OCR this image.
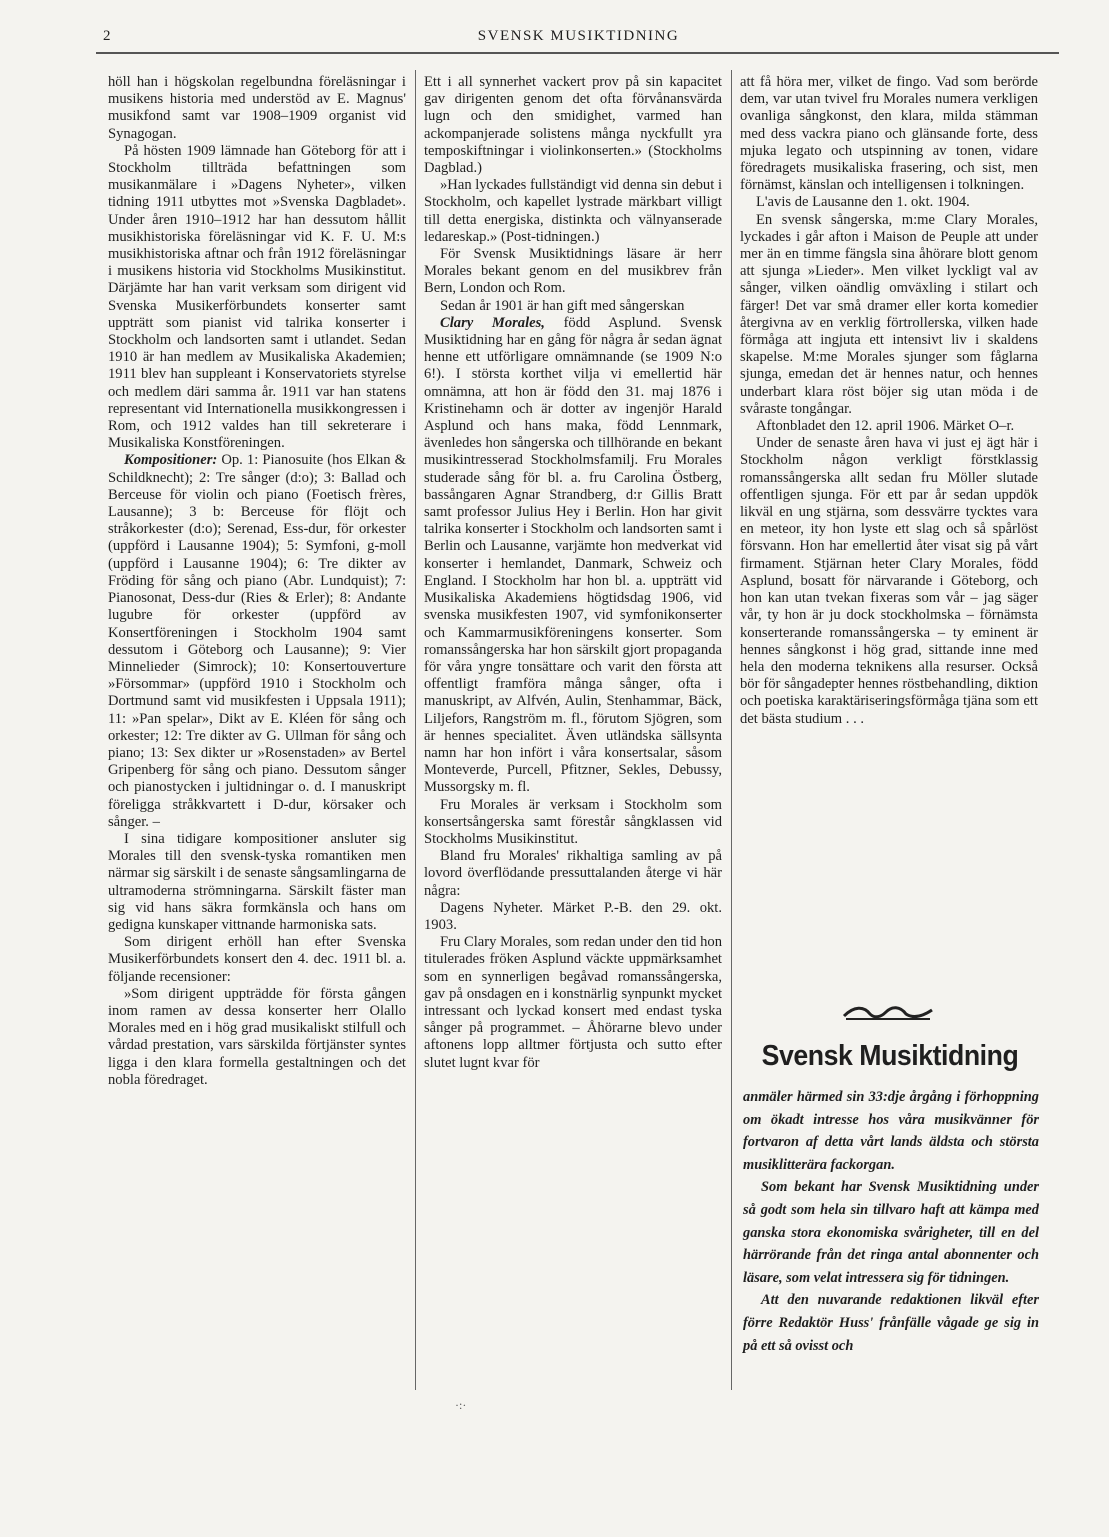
2	SVENSK MUSIKTIDNING

höll han i högskolan regelbundna föreläsningar i musikens historia med understöd av E. Magnus' musikfond samt var 1908–1909 organist vid Synagogan.

På hösten 1909 lämnade han Göteborg för att i Stockholm tillträda befattningen som musikanmälare i »Dagens Nyheter», vilken tidning 1911 utbyttes mot »Svenska Dagbladet». Under åren 1910–1912 har han dessutom hållit musikhistoriska föreläsningar vid K. F. U. M:s musikhistoriska aftnar och från 1912 föreläsningar i musikens historia vid Stockholms Musikinstitut. Därjämte har han varit verksam som dirigent vid Svenska Musikerförbundets konserter samt uppträtt som pianist vid talrika konserter i Stockholm och landsorten samt i utlandet. Sedan 1910 är han medlem av Musikaliska Akademien; 1911 blev han suppleant i Konservatoriets styrelse och medlem däri samma år. 1911 var han statens representant vid Internationella musikkongressen i Rom, och 1912 valdes han till sekreterare i Musikaliska Konstföreningen.

Kompositioner: Op. 1: Pianosuite (hos Elkan & Schildknecht); 2: Tre sånger (d:o); 3: Ballad och Berceuse för violin och piano (Foetisch frères, Lausanne); 3 b: Berceuse för flöjt och stråkorkester (d:o); Serenad, Ess-dur, för orkester (uppförd i Lausanne 1904); 5: Symfoni, g-moll (uppförd i Lausanne 1904); 6: Tre dikter av Fröding för sång och piano (Abr. Lundquist); 7: Pianosonat, Dess-dur (Ries & Erler); 8: Andante lugubre för orkester (uppförd av Konsertföreningen i Stockholm 1904 samt dessutom i Göteborg och Lausanne); 9: Vier Minnelieder (Simrock); 10: Konsertouverture »Försommar» (uppförd 1910 i Stockholm och Dortmund samt vid musikfesten i Uppsala 1911); 11: »Pan spelar», Dikt av E. Kléen för sång och orkester; 12: Tre dikter av G. Ullman för sång och piano; 13: Sex dikter ur »Rosenstaden» av Bertel Gripenberg för sång och piano. Dessutom sånger och pianostycken i jultidningar o. d. I manuskript föreligga stråkkvartett i D-dur, körsaker och sånger. –

I sina tidigare kompositioner ansluter sig Morales till den svensk-tyska romantiken men närmar sig särskilt i de senaste sångsamlingarna de ultramoderna strömningarna. Särskilt fäster man sig vid hans säkra formkänsla och hans om gedigna kunskaper vittnande harmoniska sats.

Som dirigent erhöll han efter Svenska Musikerförbundets konsert den 4. dec. 1911 bl. a. följande recensioner:

»Som dirigent uppträdde för första gången inom ramen av dessa konserter herr Olallo Morales med en i hög grad musikaliskt stilfull och vårdad prestation, vars särskilda förtjänster syntes ligga i den klara formella gestaltningen och det nobla föredraget.

Ett i all synnerhet vackert prov på sin kapacitet gav dirigenten genom det ofta förvånansvärda lugn och den smidighet, varmed han ackompanjerade solistens många nyckfullt yra temposkiftningar i violinkonserten.» (Stockholms Dagblad.)

»Han lyckades fullständigt vid denna sin debut i Stockholm, och kapellet lystrade märkbart villigt till detta energiska, distinkta och välnyanserade ledareskap.» (Post-tidningen.)

För Svensk Musiktidnings läsare är herr Morales bekant genom en del musikbrev från Bern, London och Rom.

Sedan år 1901 är han gift med sångerskan

Clary Morales, född Asplund. Svensk Musiktidning har en gång för några år sedan ägnat henne ett utförligare omnämnande (se 1909 N:o 6!). I största korthet vilja vi emellertid här omnämna, att hon är född den 31. maj 1876 i Kristinehamn och är dotter av ingenjör Harald Asplund och hans maka, född Lennmark, ävenledes hon sångerska och tillhörande en bekant musikintresserad Stockholmsfamilj. Fru Morales studerade sång för bl. a. fru Carolina Östberg, bassångaren Agnar Strandberg, d:r Gillis Bratt samt professor Julius Hey i Berlin. Hon har givit talrika konserter i Stockholm och landsorten samt i Berlin och Lausanne, varjämte hon medverkat vid konserter i hemlandet, Danmark, Schweiz och England. I Stockholm har hon bl. a. uppträtt vid Musikaliska Akademiens högtidsdag 1906, vid svenska musikfesten 1907, vid symfonikonserter och Kammarmusikföreningens konserter. Som romanssångerska har hon särskilt gjort propaganda för våra yngre tonsättare och varit den första att offentligt framföra många sånger, ofta i manuskript, av Alfvén, Aulin, Stenhammar, Bäck, Liljefors, Rangström m. fl., förutom Sjögren, som är hennes specialitet. Även utländska sällsynta namn har hon infört i våra konsertsalar, såsom Monteverde, Purcell, Pfitzner, Sekles, Debussy, Mussorgsky m. fl.

Fru Morales är verksam i Stockholm som konsertsångerska samt förestår sångklassen vid Stockholms Musikinstitut.

Bland fru Morales' rikhaltiga samling av på lovord överflödande pressuttalanden återge vi här några:

Dagens Nyheter. Märket P.-B. den 29. okt. 1903.

Fru Clary Morales, som redan under den tid hon titulerades fröken Asplund väckte uppmärksamhet som en synnerligen begåvad romanssångerska, gav på onsdagen en i konstnärlig synpunkt mycket intressant och lyckad konsert med endast tyska sånger på programmet. – Åhörarne blevo under aftonens lopp alltmer förtjusta och sutto efter slutet lugnt kvar för

att få höra mer, vilket de fingo. Vad som berörde dem, var utan tvivel fru Morales numera verkligen ovanliga sångkonst, den klara, milda stämman med dess vackra piano och glänsande forte, dess mjuka legato och utspinning av tonen, vidare föredragets musikaliska frasering, och sist, men förnämst, känslan och intelligensen i tolkningen.

L'avis de Lausanne den 1. okt. 1904.

En svensk sångerska, m:me Clary Morales, lyckades i går afton i Maison de Peuple att under mer än en timme fängsla sina åhörare blott genom att sjunga »Lieder». Men vilket lyckligt val av sånger, vilken oändlig omväxling i stilart och färger! Det var små dramer eller korta komedier återgivna av en verklig förtrollerska, vilken hade förmåga att ingjuta ett intensivt liv i skaldens skapelse. M:me Morales sjunger som fåglarna sjunga, emedan det är hennes natur, och hennes underbart klara röst böjer sig utan möda i de svåraste tongångar.

Aftonbladet den 12. april 1906. Märket O–r.

Under de senaste åren hava vi just ej ägt här i Stockholm någon verkligt förstklassig romanssångerska allt sedan fru Möller slutade offentligen sjunga. För ett par år sedan uppdök likväl en ung stjärna, som dessvärre tycktes vara en meteor, ity hon lyste ett slag och så spårlöst försvann. Hon har emellertid åter visat sig på vårt firmament. Stjärnan heter Clary Morales, född Asplund, bosatt för närvarande i Göteborg, och hon kan utan tvekan fixeras som vår – jag säger vår, ty hon är ju dock stockholmska – förnämsta konserterande romanssångerska – ty eminent är hennes sångkonst i hög grad, sittande inne med hela den moderna teknikens alla resurser. Också bör för sångadepter hennes röstbehandling, diktion och poetiska karaktäriseringsförmåga tjäna som ett det bästa studium . . .

Svensk Musiktidning

anmäler härmed sin 33:dje årgång i förhoppning om ökadt intresse hos våra musikvänner för fortvaron af detta vårt lands äldsta och största musiklitterära fackorgan.

Som bekant har Svensk Musiktidning under så godt som hela sin tillvaro haft att kämpa med ganska stora ekonomiska svårigheter, till en del härrörande från det ringa antal abonnenter och läsare, som velat intressera sig för tidningen.

Att den nuvarande redaktionen likväl efter förre Redaktör Huss' frånfälle vågade ge sig in på ett så ovisst och

·:·
